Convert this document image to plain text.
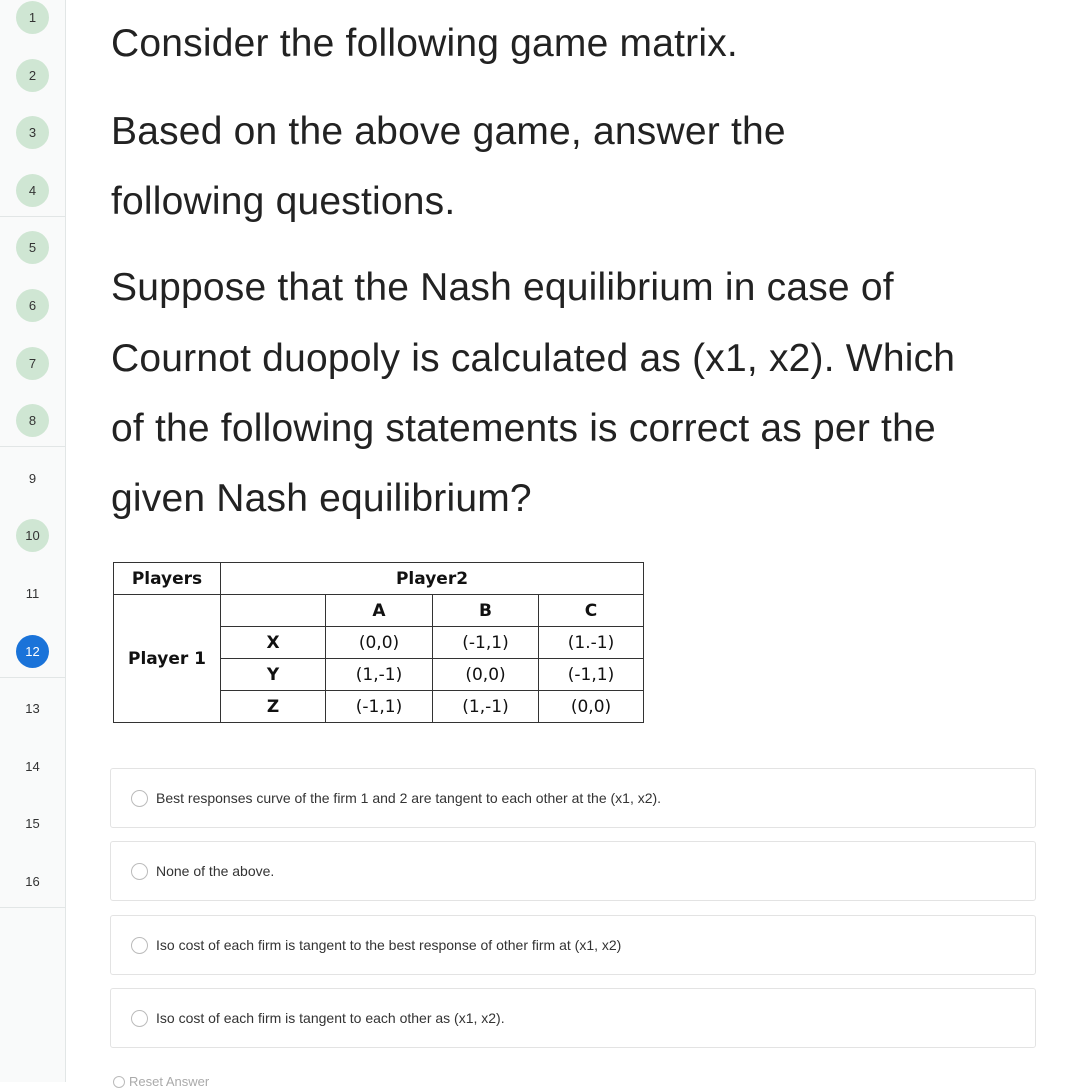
1
2
3
4
5
6
7
8
9
10
11
12
13
14
15
16
Consider the following game matrix.
Based on the above game, answer the
following questions.
Suppose that the Nash equilibrium in case of
Cournot duopoly is calculated as (x1, x2). Which
of the following statements is correct as per the
given Nash equilibrium?
Players	Player2			
Player 1		A	B	C
	X	(0,0)	(-1,1)	(1.-1)
	Y	(1,-1)	(0,0)	(-1,1)
	Z	(-1,1)	(1,-1)	(0,0)
Best responses curve of the firm 1 and 2 are tangent to each other at the (x1, x2).
None of the above.
Iso cost of each firm is tangent to the best response of other firm at (x1, x2)
Iso cost of each firm is tangent to each other as (x1, x2).
Reset Answer
